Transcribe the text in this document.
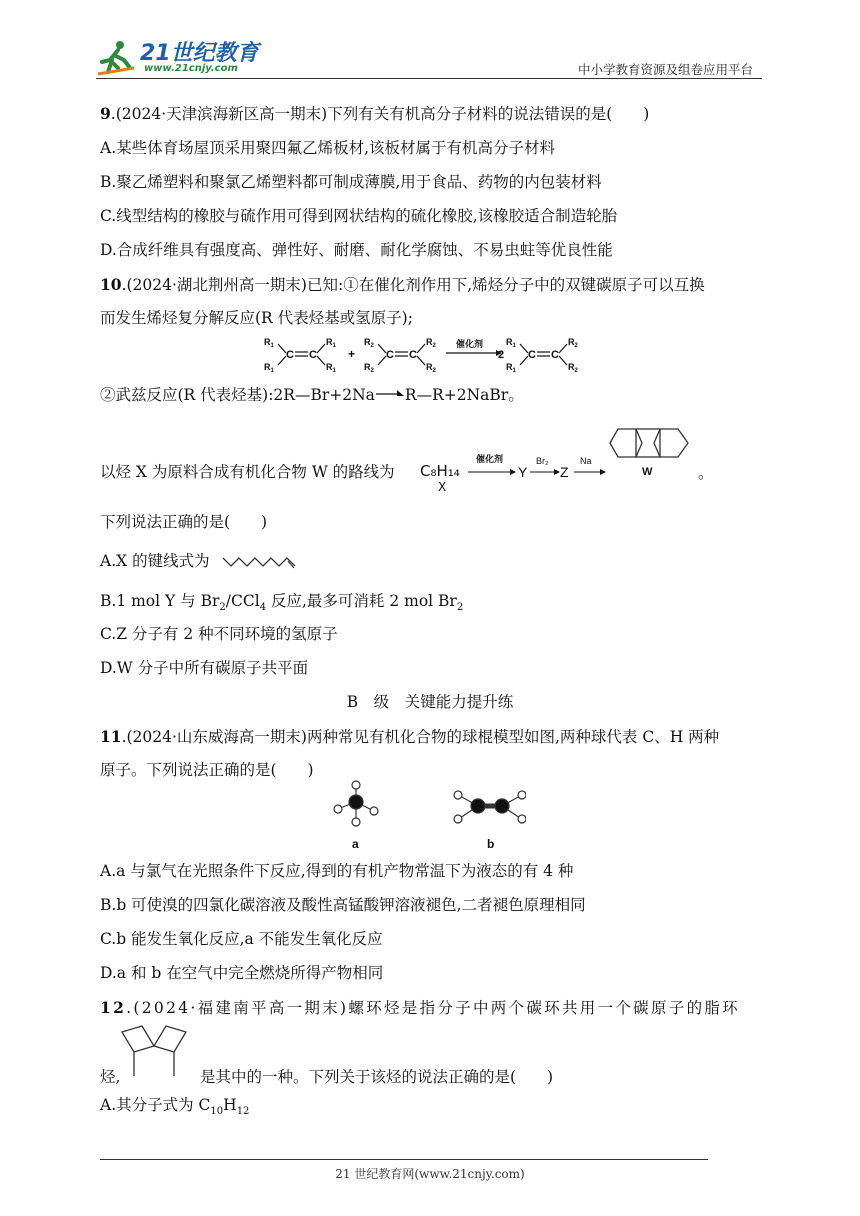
21世纪教育
www.21cnjy.com	中小学教育资源及组卷应用平台
9.(2024·天津滨海新区高一期末)下列有关有机高分子材料的说法错误的是(　　)
A.某些体育场屋顶采用聚四氟乙烯板材,该板材属于有机高分子材料
B.聚乙烯塑料和聚氯乙烯塑料都可制成薄膜,用于食品、药物的内包装材料
C.线型结构的橡胶与硫作用可得到网状结构的硫化橡胶,该橡胶适合制造轮胎
D.合成纤维具有强度高、弹性好、耐磨、耐化学腐蚀、不易虫蛀等优良性能
10.(2024·湖北荆州高一期末)已知:①在催化剂作用下,烯烃分子中的双键碳原子可以互换
而发生烯烃复分解反应(R 代表烃基或氢原子);
$R_1$
$R_1$
C C
$R_1$
$R_1$
+
$R_2$
$R_2$
C C
$R_2$
$R_2$
催化剂
2
$R_1$
$R_1$
C C
$R_2$
$R_2$
②武兹反应(R 代表烃基):2R—Br+2Na R—R+2NaBr。
以烃 X 为原料合成有机化合物 W 的路线为 C₈H₁₄
X
催化剂
Y
Br₂
Z
Na
W	。
下列说法正确的是(　　)
A.X 的键线式为
B.1 mol Y 与 $Br_2/CCl_4$ 反应,最多可消耗 2 mol $Br_2$
C.Z 分子有 2 种不同环境的氢原子
D.W 分子中所有碳原子共平面
B　级　关键能力提升练
11.(2024·山东威海高一期末)两种常见有机化合物的球棍模型如图,两种球代表 C、H 两种
原子。下列说法正确的是(　　)
a	b
A.a 与氯气在光照条件下反应,得到的有机产物常温下为液态的有 4 种
B.b 可使溴的四氯化碳溶液及酸性高锰酸钾溶液褪色,二者褪色原理相同
C.b 能发生氧化反应,a 不能发生氧化反应
D.a 和 b 在空气中完全燃烧所得产物相同
12.(2024·福建南平高一期末)螺环烃是指分子中两个碳环共用一个碳原子的脂环
烃,	是其中的一种。下列关于该烃的说法正确的是(　　)
A.其分子式为 $C_{10}H_{12}$
21 世纪教育网(www.21cnjy.com)
